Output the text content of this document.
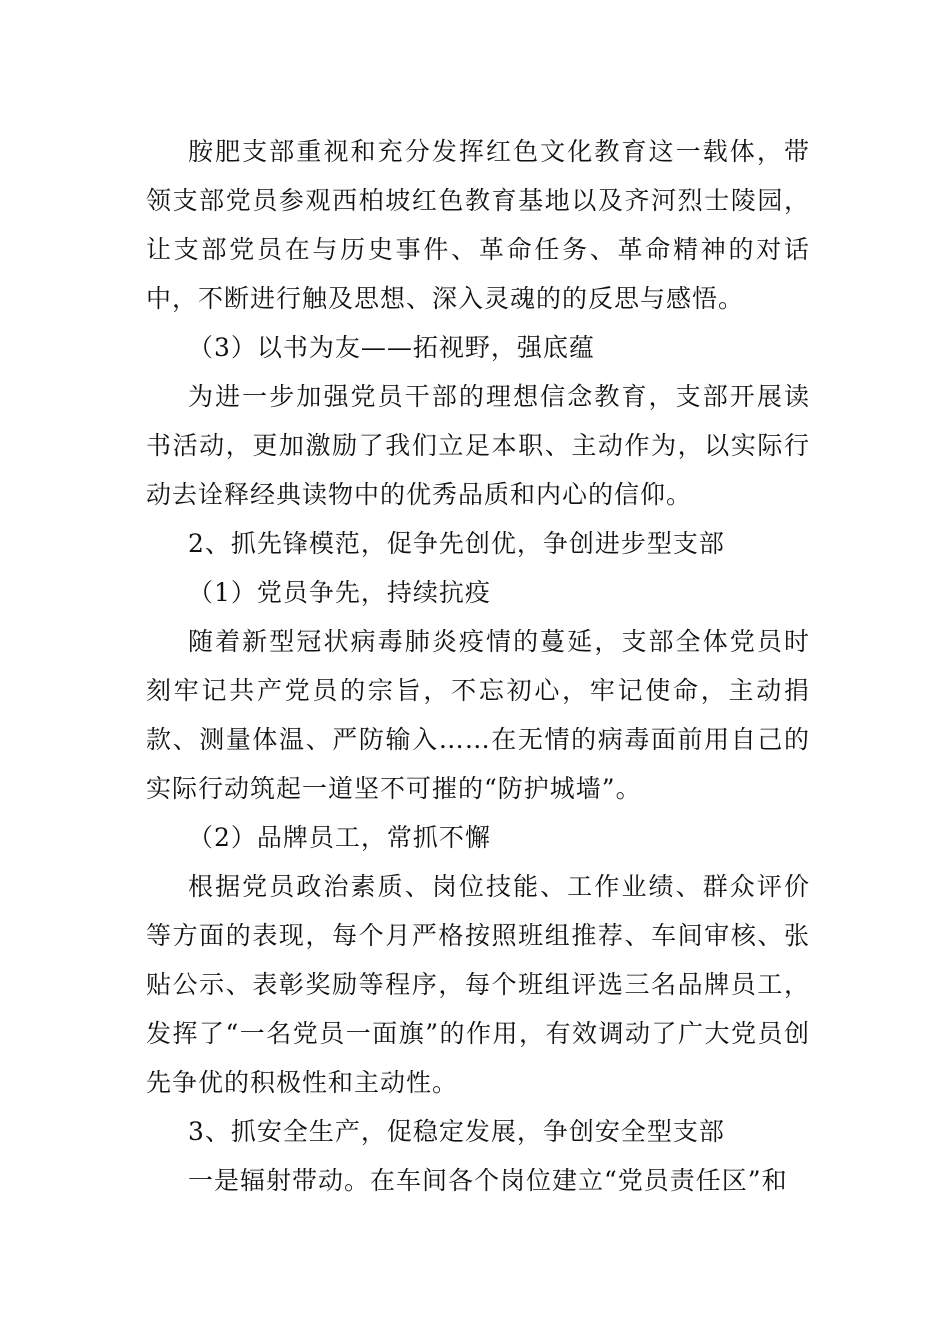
胺肥支部重视和充分发挥红色文化教育这一载体，带领支部党员参观西柏坡红色教育基地以及齐河烈士陵园，让支部党员在与历史事件、革命任务、革命精神的对话中，不断进行触及思想、深入灵魂的的反思与感悟。

（3）以书为友——拓视野，强底蕴

为进一步加强党员干部的理想信念教育，支部开展读书活动，更加激励了我们立足本职、主动作为，以实际行动去诠释经典读物中的优秀品质和内心的信仰。

2、抓先锋模范，促争先创优，争创进步型支部

（1）党员争先，持续抗疫

随着新型冠状病毒肺炎疫情的蔓延，支部全体党员时刻牢记共产党员的宗旨，不忘初心，牢记使命，主动捐款、测量体温、严防输入……在无情的病毒面前用自己的实际行动筑起一道坚不可摧的“防护城墙”。

（2）品牌员工，常抓不懈

根据党员政治素质、岗位技能、工作业绩、群众评价等方面的表现，每个月严格按照班组推荐、车间审核、张贴公示、表彰奖励等程序，每个班组评选三名品牌员工，发挥了“一名党员一面旗”的作用，有效调动了广大党员创先争优的积极性和主动性。

3、抓安全生产，促稳定发展，争创安全型支部

一是辐射带动。在车间各个岗位建立“党员责任区”和
